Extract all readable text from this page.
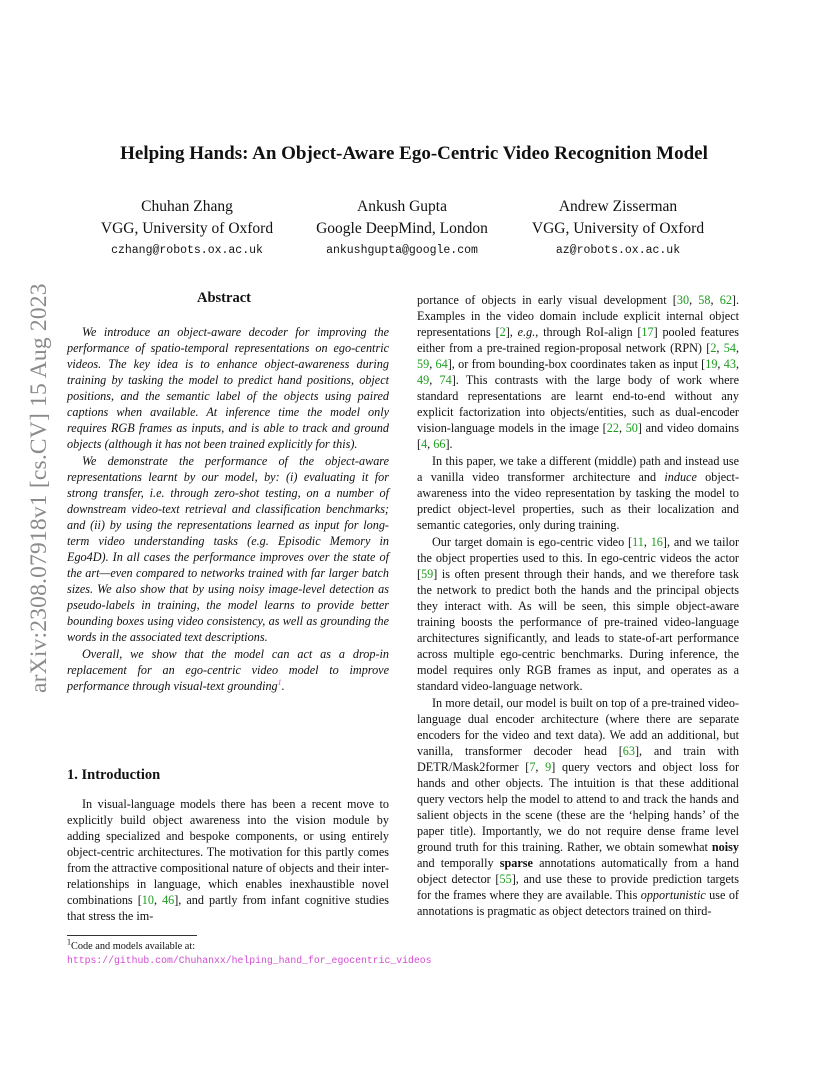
arXiv:2308.07918v1 [cs.CV] 15 Aug 2023
Helping Hands: An Object-Aware Ego-Centric Video Recognition Model
Chuhan Zhang
VGG, University of Oxford
czhang@robots.ox.ac.uk
Ankush Gupta
Google DeepMind, London
ankushgupta@google.com
Andrew Zisserman
VGG, University of Oxford
az@robots.ox.ac.uk
Abstract

We introduce an object-aware decoder for improving the performance of spatio-temporal representations on ego-centric videos. The key idea is to enhance object-awareness during training by tasking the model to predict hand positions, object positions, and the semantic label of the objects using paired captions when available. At inference time the model only requires RGB frames as inputs, and is able to track and ground objects (although it has not been trained explicitly for this).

We demonstrate the performance of the object-aware representations learnt by our model, by: (i) evaluating it for strong transfer, i.e. through zero-shot testing, on a number of downstream video-text retrieval and classification benchmarks; and (ii) by using the representations learned as input for long-term video understanding tasks (e.g. Episodic Memory in Ego4D). In all cases the performance improves over the state of the art—even compared to networks trained with far larger batch sizes. We also show that by using noisy image-level detection as pseudo-labels in training, the model learns to provide better bounding boxes using video consistency, as well as grounding the words in the associated text descriptions.

Overall, we show that the model can act as a drop-in replacement for an ego-centric video model to improve performance through visual-text grounding$^1$.

1. Introduction

In visual-language models there has been a recent move to explicitly build object awareness into the vision module by adding specialized and bespoke components, or using entirely object-centric architectures. The motivation for this partly comes from the attractive compositional nature of objects and their inter-relationships in language, which enables inexhaustible novel combinations [10, 46], and partly from infant cognitive studies that stress the im-

$^1$Code and models available at: https://github.com/Chuhanxx/helping_hand_for_egocentric_videos

portance of objects in early visual development [30, 58, 62]. Examples in the video domain include explicit internal object representations [2], e.g., through RoI-align [17] pooled features either from a pre-trained region-proposal network (RPN) [2, 54, 59, 64], or from bounding-box coordinates taken as input [19, 43, 49, 74]. This contrasts with the large body of work where standard representations are learnt end-to-end without any explicit factorization into objects/entities, such as dual-encoder vision-language models in the image [22, 50] and video domains [4, 66].

In this paper, we take a different (middle) path and instead use a vanilla video transformer architecture and induce object-awareness into the video representation by tasking the model to predict object-level properties, such as their localization and semantic categories, only during training.

Our target domain is ego-centric video [11, 16], and we tailor the object properties used to this. In ego-centric videos the actor [59] is often present through their hands, and we therefore task the network to predict both the hands and the principal objects they interact with. As will be seen, this simple object-aware training boosts the performance of pre-trained video-language architectures significantly, and leads to state-of-art performance across multiple ego-centric benchmarks. During inference, the model requires only RGB frames as input, and operates as a standard video-language network.

In more detail, our model is built on top of a pre-trained video-language dual encoder architecture (where there are separate encoders for the video and text data). We add an additional, but vanilla, transformer decoder head [63], and train with DETR/Mask2former [7, 9] query vectors and object loss for hands and other objects. The intuition is that these additional query vectors help the model to attend to and track the hands and salient objects in the scene (these are the ‘helping hands’ of the paper title). Importantly, we do not require dense frame level ground truth for this training. Rather, we obtain somewhat noisy and temporally sparse annotations automatically from a hand object detector [55], and use these to provide prediction targets for the frames where they are available. This opportunistic use of annotations is pragmatic as object detectors trained on third-
